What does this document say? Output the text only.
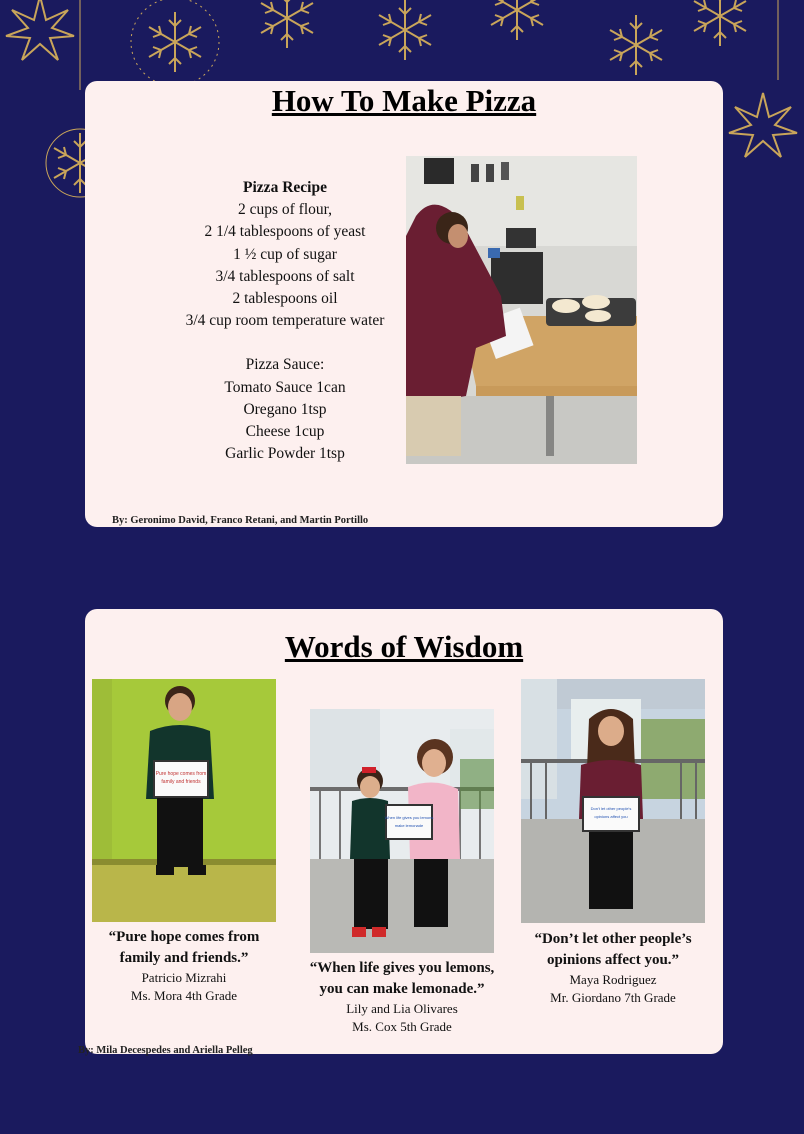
How To Make Pizza
Pizza Recipe
2 cups of flour,
2 1/4 tablespoons of yeast
1 ½ cup of sugar
3/4 tablespoons of salt
2 tablespoons oil
3/4 cup room temperature water
Pizza Sauce:
Tomato Sauce 1can
Oregano 1tsp
Cheese 1cup
Garlic Powder 1tsp
By: Geronimo David, Franco Retani, and Martin Portillo
Words of Wisdom
Pure hope comes from
family and friends
When life gives you lemons
make lemonade
Don't let other people's
opinions affect you
“Pure hope comes from
family and friends.”
Patricio Mizrahi
Ms. Mora 4th Grade
“When life gives you lemons,
you can make lemonade.”
Lily and Lia Olivares
Ms. Cox 5th Grade
“Don’t let other people’s
opinions affect you.”
Maya Rodriguez
Mr. Giordano 7th Grade
By: Mila Decespedes and Ariella Pelleg
